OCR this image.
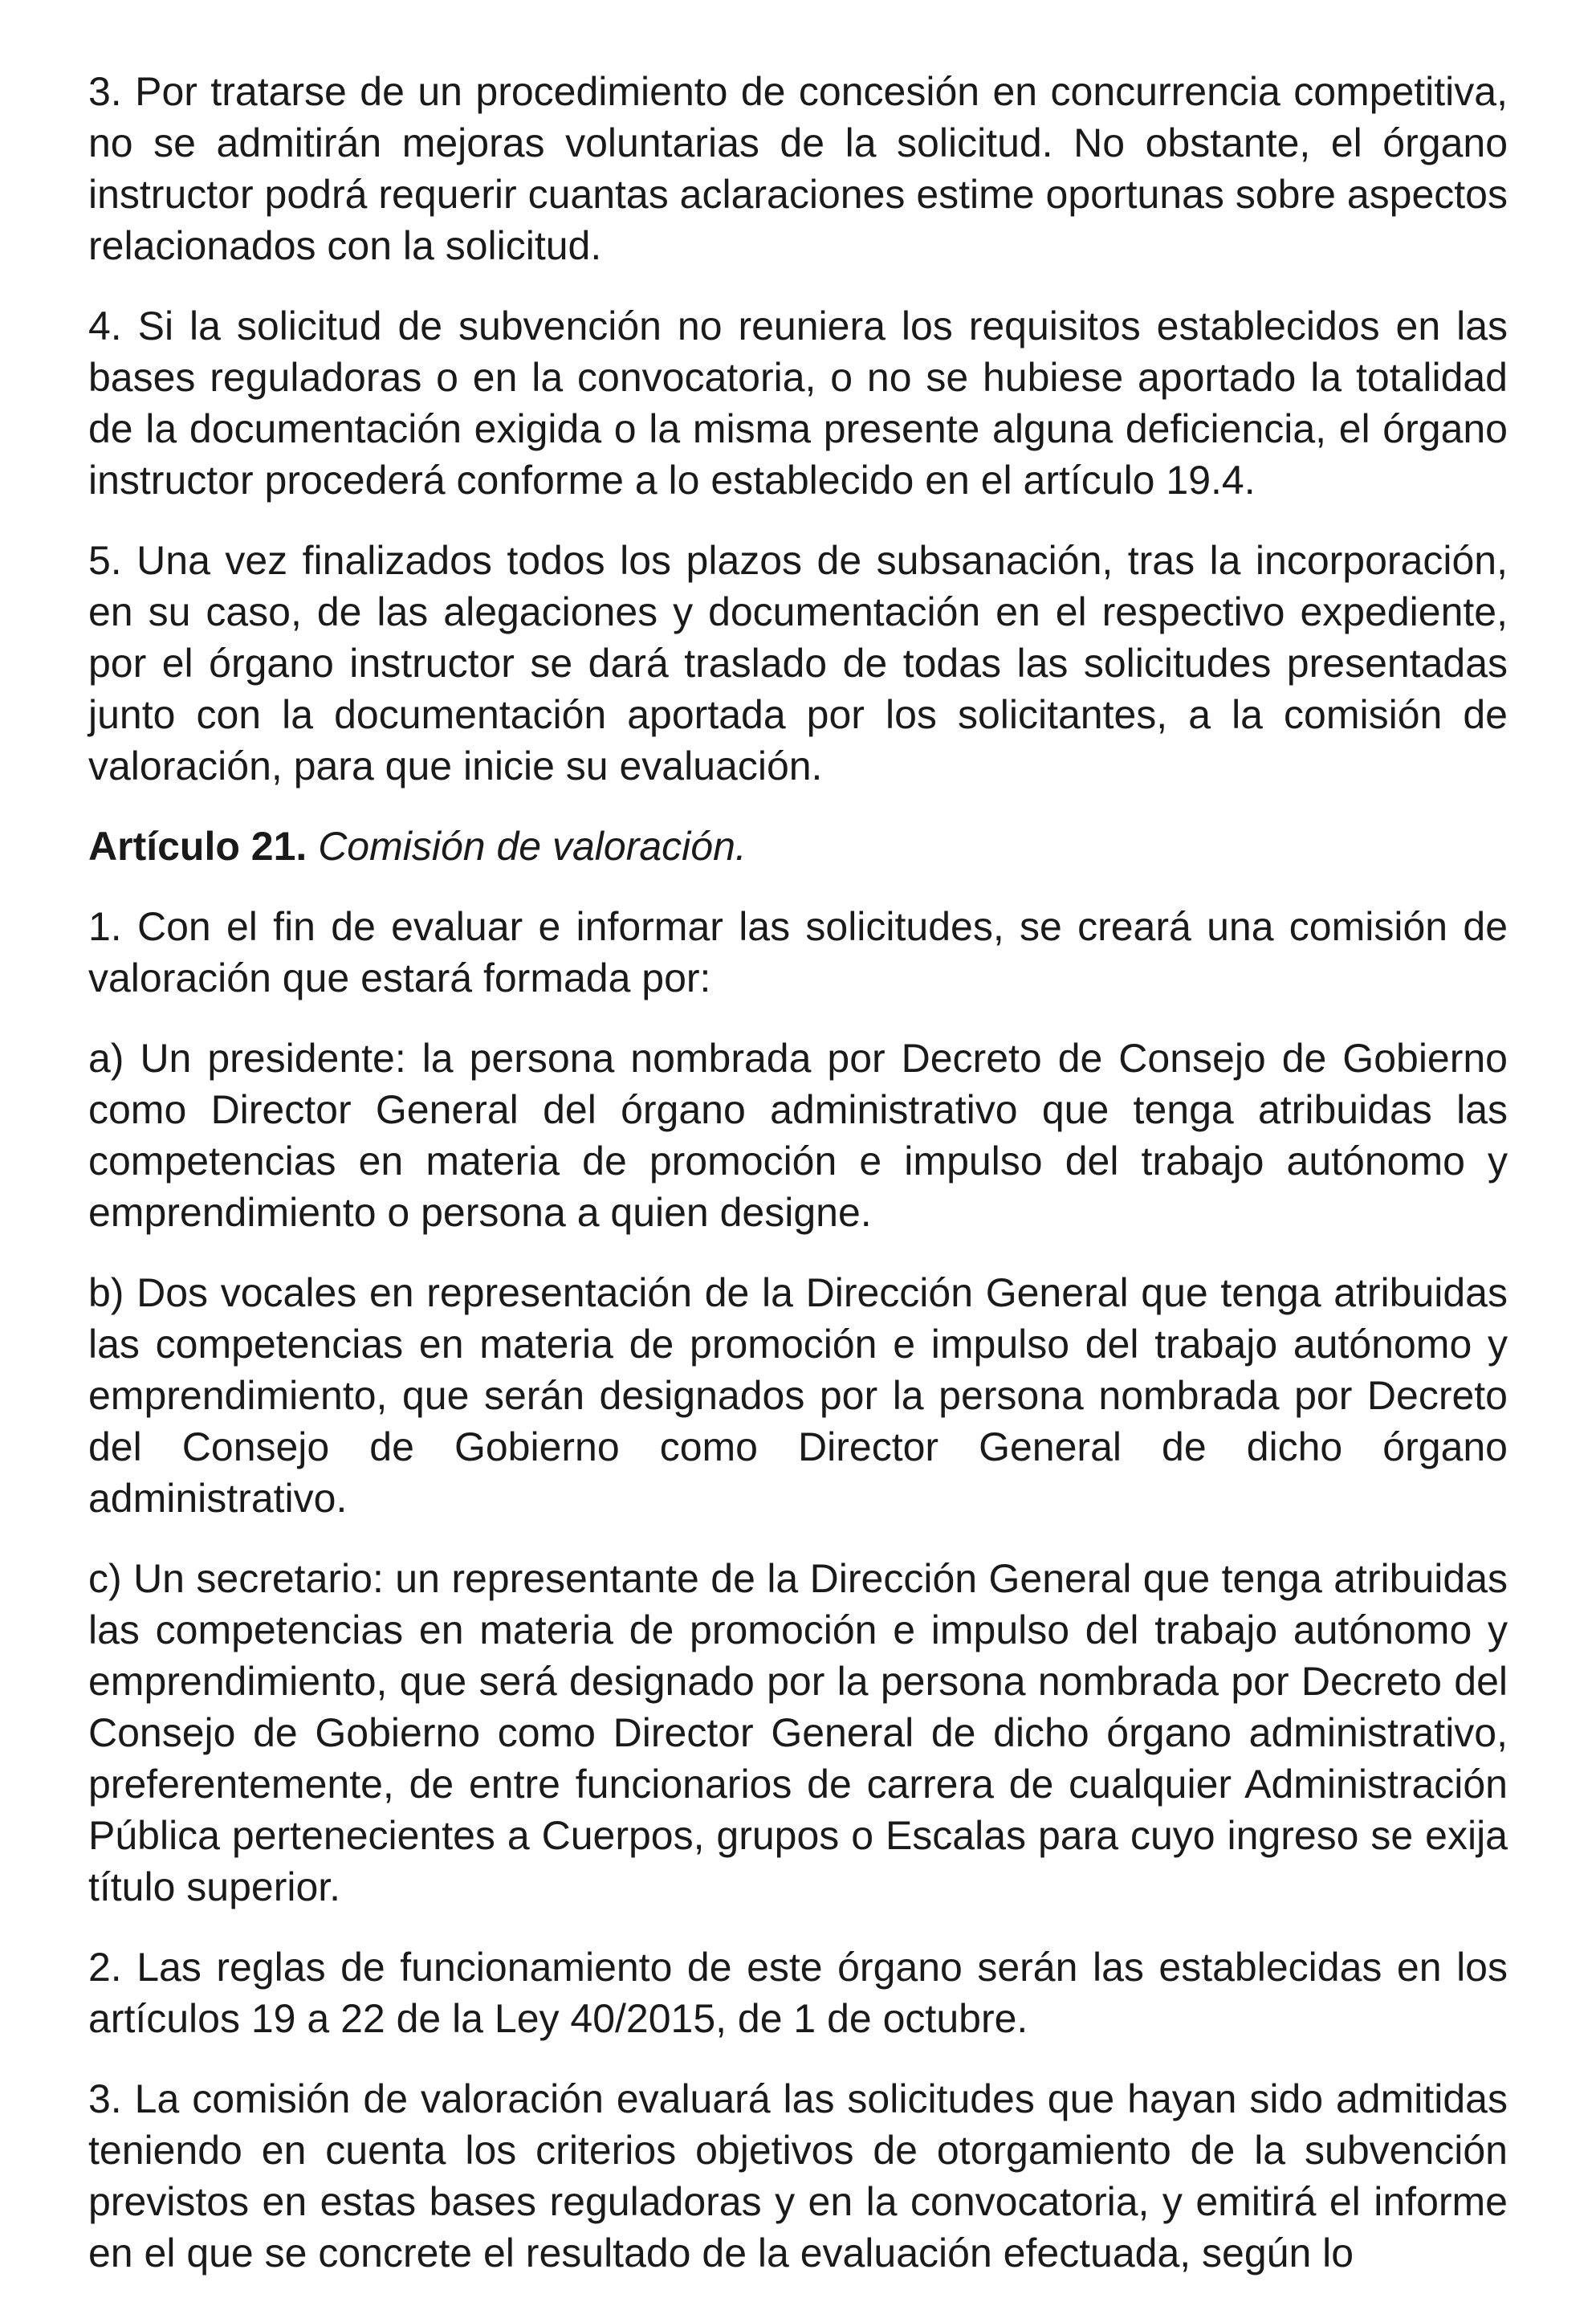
3. Por tratarse de un procedimiento de concesión en concurrencia competitiva, no se admitirán mejoras voluntarias de la solicitud. No obstante, el órgano instructor podrá requerir cuantas aclaraciones estime oportunas sobre aspectos relacionados con la solicitud.

4. Si la solicitud de subvención no reuniera los requisitos establecidos en las bases reguladoras o en la convocatoria, o no se hubiese aportado la totalidad de la documentación exigida o la misma presente alguna deficiencia, el órgano instructor procederá conforme a lo establecido en el artículo 19.4.

5. Una vez finalizados todos los plazos de subsanación, tras la incorporación, en su caso, de las alegaciones y documentación en el respectivo expediente, por el órgano instructor se dará traslado de todas las solicitudes presentadas junto con la documentación aportada por los solicitantes, a la comisión de valoración, para que inicie su evaluación.

Artículo 21. Comisión de valoración.

1. Con el fin de evaluar e informar las solicitudes, se creará una comisión de valoración que estará formada por:

a) Un presidente: la persona nombrada por Decreto de Consejo de Gobierno como Director General del órgano administrativo que tenga atribuidas las competencias en materia de promoción e impulso del trabajo autónomo y emprendimiento o persona a quien designe.

b) Dos vocales en representación de la Dirección General que tenga atribuidas las competencias en materia de promoción e impulso del trabajo autónomo y emprendimiento, que serán designados por la persona nombrada por Decreto del Consejo de Gobierno como Director General de dicho órgano administrativo.

c) Un secretario: un representante de la Dirección General que tenga atribuidas las competencias en materia de promoción e impulso del trabajo autónomo y emprendimiento, que será designado por la persona nombrada por Decreto del Consejo de Gobierno como Director General de dicho órgano administrativo, preferentemente, de entre funcionarios de carrera de cualquier Administración Pública pertenecientes a Cuerpos, grupos o Escalas para cuyo ingreso se exija título superior.

2. Las reglas de funcionamiento de este órgano serán las establecidas en los artículos 19 a 22 de la Ley 40/2015, de 1 de octubre.

3. La comisión de valoración evaluará las solicitudes que hayan sido admitidas teniendo en cuenta los criterios objetivos de otorgamiento de la subvención previstos en estas bases reguladoras y en la convocatoria, y emitirá el informe en el que se concrete el resultado de la evaluación efectuada, según lo
